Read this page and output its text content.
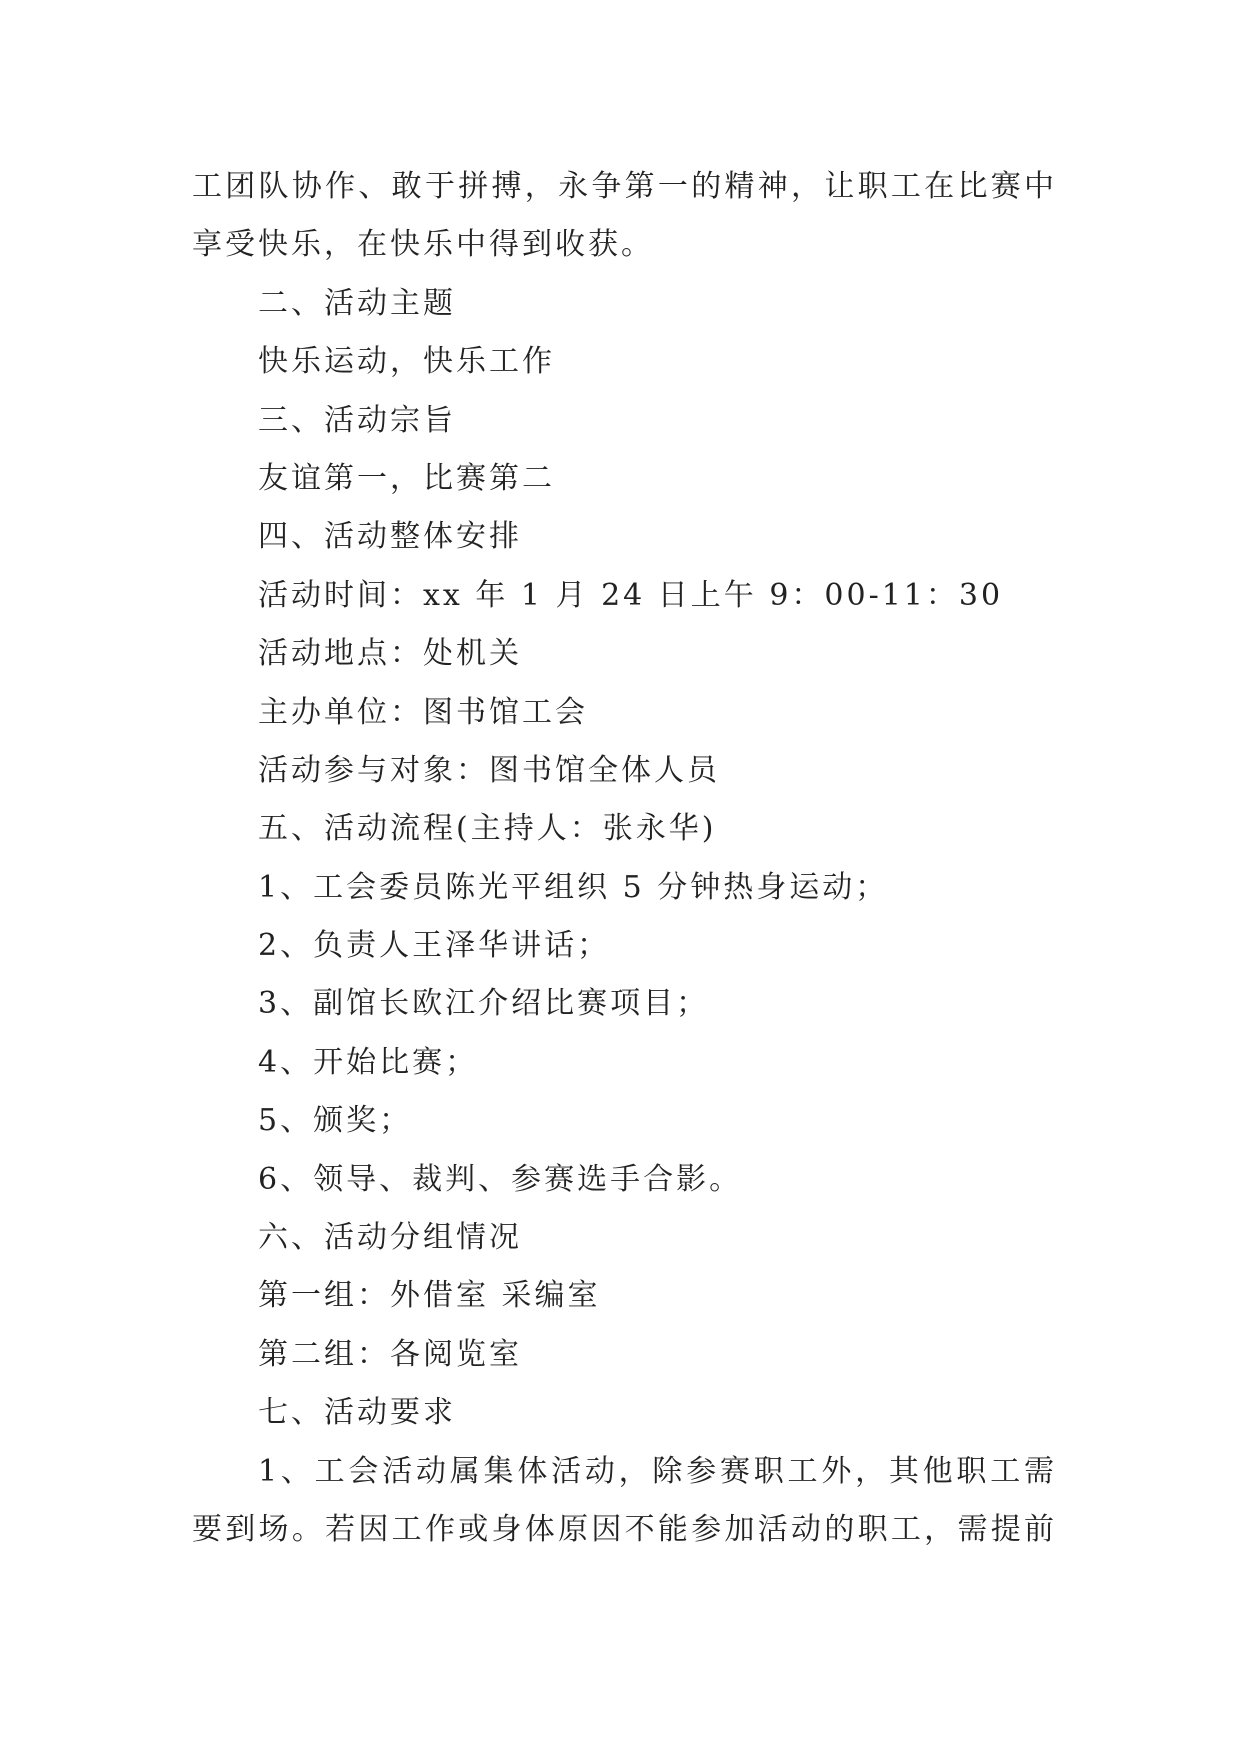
工团队协作、敢于拼搏，永争第一的精神，让职工在比赛中
享受快乐，在快乐中得到收获。
二、活动主题
快乐运动，快乐工作
三、活动宗旨
友谊第一，比赛第二
四、活动整体安排
活动时间：xx 年 1 月 24 日上午 9：00-11：30
活动地点：处机关
主办单位：图书馆工会
活动参与对象：图书馆全体人员
五、活动流程(主持人：张永华)
1、工会委员陈光平组织 5 分钟热身运动；
2、负责人王泽华讲话；
3、副馆长欧江介绍比赛项目；
4、开始比赛；
5、颁奖；
6、领导、裁判、参赛选手合影。
六、活动分组情况
第一组：外借室 采编室
第二组：各阅览室
七、活动要求
1、工会活动属集体活动，除参赛职工外，其他职工需
要到场。若因工作或身体原因不能参加活动的职工，需提前
